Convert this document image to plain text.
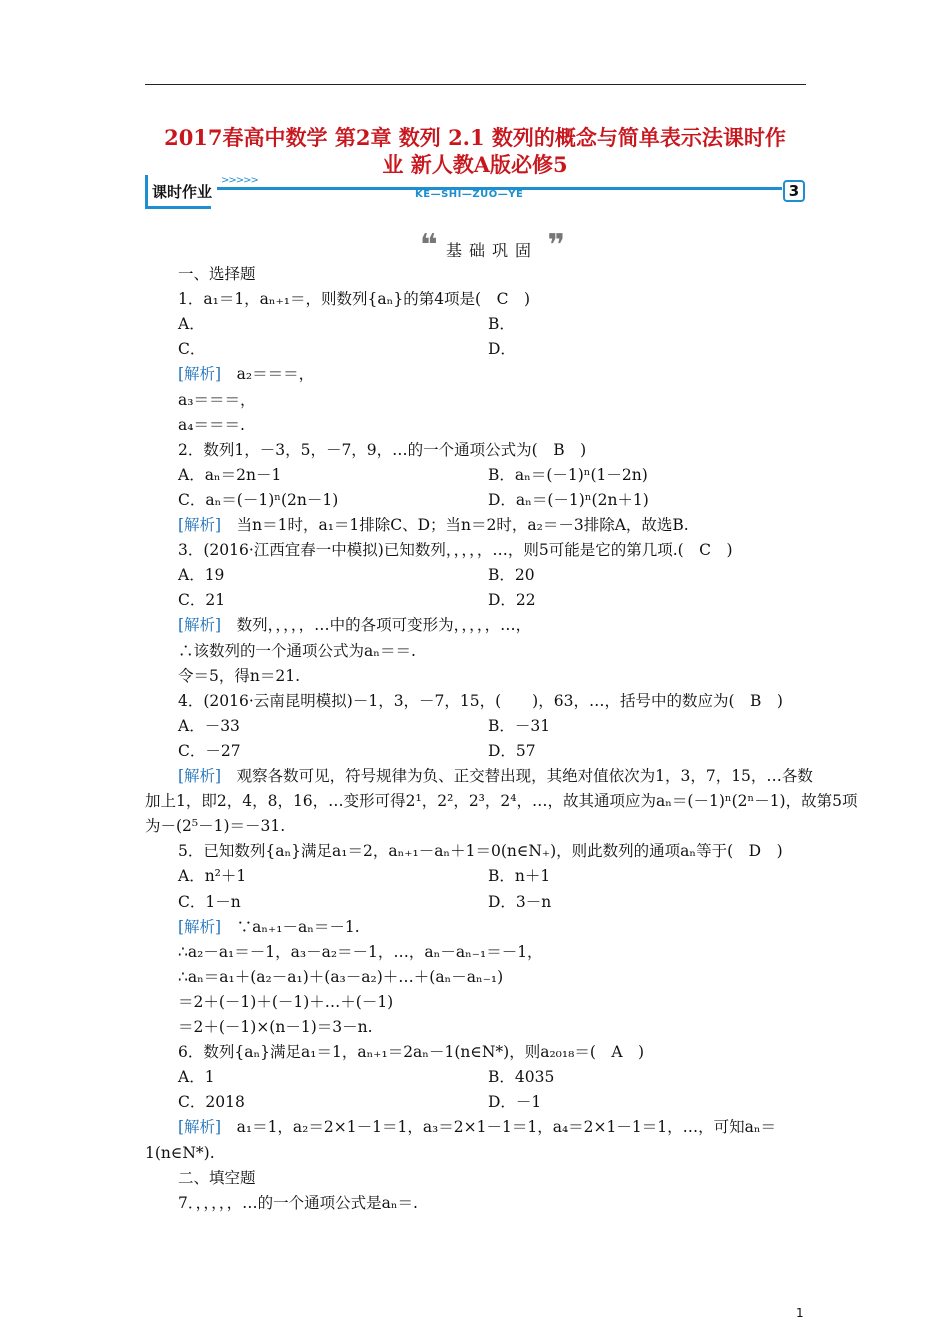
2017春高中数学 第2章 数列 2.1 数列的概念与简单表示法课时作
业 新人教A版必修5
课时作业
>>>>>
KE—SHI—ZUO—YE	3
❝ 基础巩固 ❞
一、选择题
1．a₁＝1，aₙ₊₁＝，则数列{aₙ}的第4项是(　C　)
A．	B．
C．	D．
[解析]　a₂＝＝＝，
a₃＝＝＝，
a₄＝＝＝.
2．数列1，－3，5，－7，9，…的一个通项公式为(　B　)
A．aₙ＝2n－1	B．aₙ＝(－1)ⁿ(1－2n)
C．aₙ＝(－1)ⁿ(2n－1)	D．aₙ＝(－1)ⁿ(2n＋1)
[解析]　当n＝1时，a₁＝1排除C、D；当n＝2时，a₂＝－3排除A，故选B.
3．(2016·江西宜春一中模拟)已知数列，，，，，…，则5可能是它的第几项.(　C　)
A．19	B．20
C．21	D．22
[解析]　数列，，，，，…中的各项可变形为，，，，，…，
∴该数列的一个通项公式为aₙ＝＝.
令＝5，得n＝21.
4．(2016·云南昆明模拟)－1，3，－7，15，(　　)，63，…，括号中的数应为(　B　)
A．－33	B．－31
C．－27	D．57
[解析]　观察各数可见，符号规律为负、正交替出现，其绝对值依次为1，3，7，15，…各数
加上1，即2，4，8，16，…变形可得2¹，2²，2³，2⁴，…，故其通项应为aₙ＝(－1)ⁿ(2ⁿ－1)，故第5项
为－(2⁵－1)＝－31.
5．已知数列{aₙ}满足a₁＝2，aₙ₊₁－aₙ＋1＝0(n∈N₊)，则此数列的通项aₙ等于(　D　)
A．n²＋1	B．n＋1
C．1－n	D．3－n
[解析]　∵aₙ₊₁－aₙ＝－1.
∴a₂－a₁＝－1，a₃－a₂＝－1，…，aₙ－aₙ₋₁＝－1，
∴aₙ＝a₁＋(a₂－a₁)＋(a₃－a₂)＋…＋(aₙ－aₙ₋₁)
＝2＋(－1)＋(－1)＋…＋(－1)
＝2＋(－1)×(n－1)＝3－n.
6．数列{aₙ}满足a₁＝1，aₙ₊₁＝2aₙ－1(n∈N*)，则a₂₀₁₈＝(　A　)
A．1	B．4035
C．2018	D．－1
[解析]　a₁＝1，a₂＝2×1－1＝1，a₃＝2×1－1＝1，a₄＝2×1－1＝1，…，可知aₙ＝
1(n∈N*).
二、填空题
7．，，，，，…的一个通项公式是aₙ＝.
1
